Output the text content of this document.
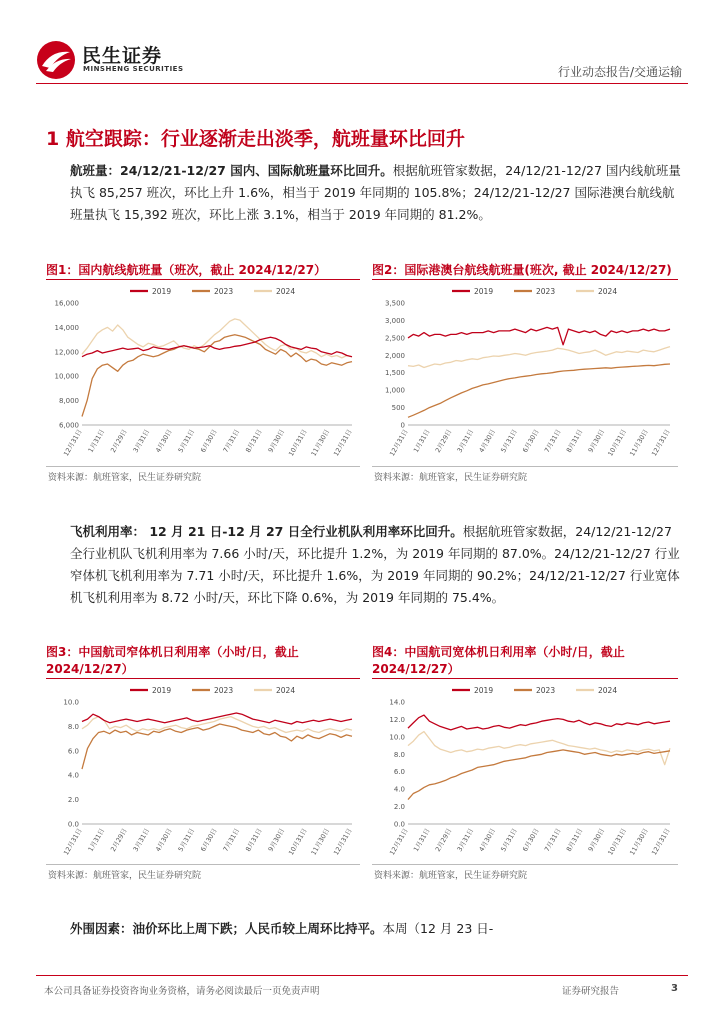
民生证券
MINSHENG SECURITIES	行业动态报告/交通运输
1 航空跟踪：行业逐渐走出淡季，航班量环比回升
航班量：24/12/21-12/27 国内、国际航班量环比回升。根据航班管家数据，24/12/21-12/27 国内线航班量执飞 85,257 班次，环比上升 1.6%，相当于 2019 年同期的 105.8%；24/12/21-12/27 国际港澳台航线航班量执飞 15,392 班次，环比上涨 3.1%，相当于 2019 年同期的 81.2%。
图1：国内航线航班量（班次，截止 2024/12/27）
2019	2023	2024
6,000
8,000
10,000
12,000
14,000
16,000
12月31日 1月31日 2月29日 3月31日 4月30日 5月31日 6月30日 7月31日 8月31日 9月30日 10月31日 11月30日 12月31日
资料来源：航班管家，民生证券研究院
图2：国际港澳台航线航班量(班次, 截止 2024/12/27)
2019	2023	2024
0
500
1,000
1,500
2,000
2,500
3,000
3,500
12月31日 1月31日 2月29日 3月31日 4月30日 5月31日 6月30日 7月31日 8月31日 9月30日 10月31日 11月30日 12月31日
资料来源：航班管家，民生证券研究院
飞机利用率： 12 月 21 日-12 月 27 日全行业机队利用率环比回升。根据航班管家数据，24/12/21-12/27 全行业机队飞机利用率为 7.66 小时/天，环比提升 1.2%，为 2019 年同期的 87.0%。24/12/21-12/27 行业窄体机飞机利用率为 7.71 小时/天，环比提升 1.6%，为 2019 年同期的 90.2%；24/12/21-12/27 行业宽体机飞机利用率为 8.72 小时/天，环比下降 0.6%，为 2019 年同期的 75.4%。
图3：中国航司窄体机日利用率（小时/日，截止 2024/12/27）
2019	2023	2024
0.0
2.0
4.0
6.0
8.0
10.0
12月31日 1月31日 2月29日 3月31日 4月30日 5月31日 6月30日 7月31日 8月31日 9月30日 10月31日 11月30日 12月31日
资料来源：航班管家，民生证券研究院
图4：中国航司宽体机日利用率（小时/日，截止 2024/12/27）
2019	2023	2024
0.0
2.0
4.0
6.0
8.0
10.0
12.0
14.0
12月31日 1月31日 2月29日 3月31日 4月30日 5月31日 6月30日 7月31日 8月31日 9月30日 10月31日 11月30日 12月31日
资料来源：航班管家，民生证券研究院
外围因素：油价环比上周下跌；人民币较上周环比持平。本周（12 月 23 日-
本公司具备证券投资咨询业务资格，请务必阅读最后一页免责声明	证券研究报告	3
